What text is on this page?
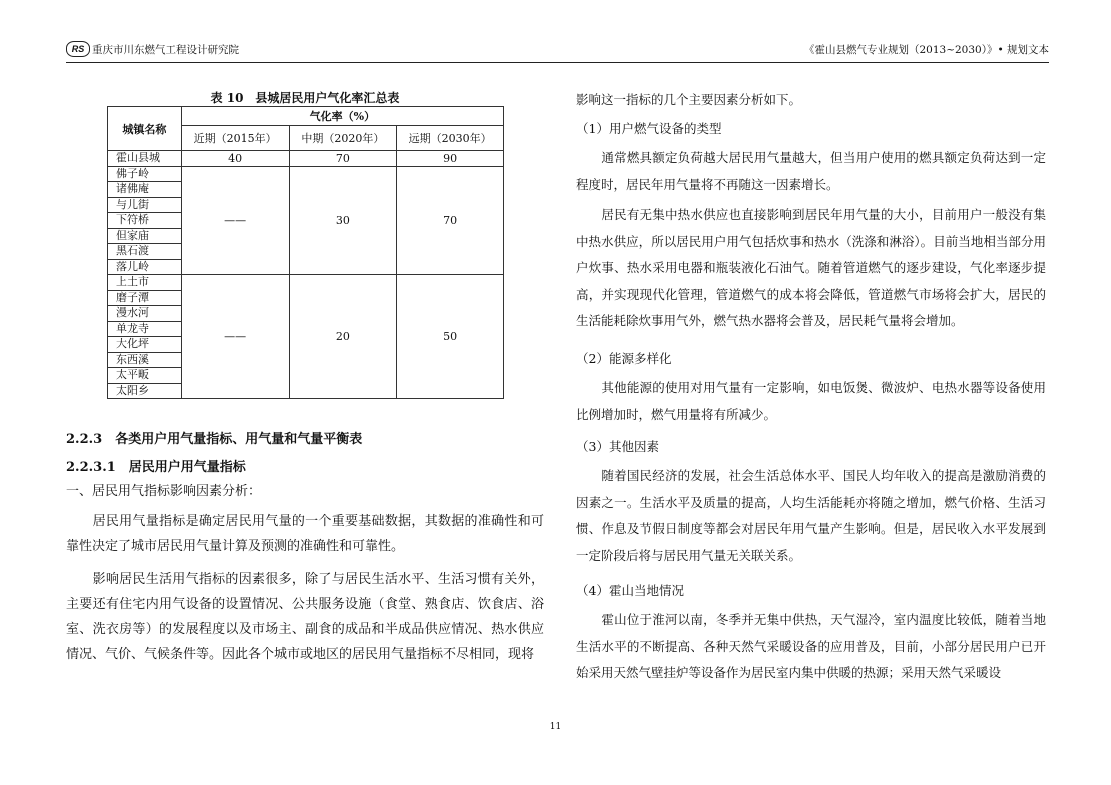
RS 重庆市川东燃气工程设计研究院	《霍山县燃气专业规划（2013~2030）》• 规划文本
表 10　县城居民用户气化率汇总表
城镇名称	气化率（%）		
	近期（2015年）	中期（2020年）	远期（2030年）
霍山县城	40	70	90
佛子岭	——	30	70
诸佛庵			
与儿街			
下符桥			
但家庙			
黑石渡			
落儿岭			
上土市	——	20	50
磨子潭			
漫水河			
单龙寺			
大化坪			
东西溪			
太平畈			
太阳乡			
2.2.3　各类用户用气量指标、用气量和气量平衡表
2.2.3.1　居民用户用气量指标
一、居民用气指标影响因素分析：
　　居民用气量指标是确定居民用气量的一个重要基础数据，其数据的准确性和可靠性决定了城市居民用气量计算及预测的准确性和可靠性。
　　影响居民生活用气指标的因素很多，除了与居民生活水平、生活习惯有关外，主要还有住宅内用气设备的设置情况、公共服务设施（食堂、熟食店、饮食店、浴室、洗衣房等）的发展程度以及市场主、副食的成品和半成品供应情况、热水供应情况、气价、气候条件等。因此各个城市或地区的居民用气量指标不尽相同，现将
影响这一指标的几个主要因素分析如下。
（1）用户燃气设备的类型
　　通常燃具额定负荷越大居民用气量越大，但当用户使用的燃具额定负荷达到一定程度时，居民年用气量将不再随这一因素增长。
　　居民有无集中热水供应也直接影响到居民年用气量的大小，目前用户一般没有集中热水供应，所以居民用户用气包括炊事和热水（洗涤和淋浴）。目前当地相当部分用户炊事、热水采用电器和瓶装液化石油气。随着管道燃气的逐步建设，气化率逐步提高，并实现现代化管理，管道燃气的成本将会降低，管道燃气市场将会扩大，居民的生活能耗除炊事用气外，燃气热水器将会普及，居民耗气量将会增加。
（2）能源多样化
　　其他能源的使用对用气量有一定影响，如电饭煲、微波炉、电热水器等设备使用比例增加时，燃气用量将有所减少。
（3）其他因素
　　随着国民经济的发展，社会生活总体水平、国民人均年收入的提高是激励消费的因素之一。生活水平及质量的提高，人均生活能耗亦将随之增加，燃气价格、生活习惯、作息及节假日制度等都会对居民年用气量产生影响。但是，居民收入水平发展到一定阶段后将与居民用气量无关联关系。
（4）霍山当地情况
　　霍山位于淮河以南，冬季并无集中供热，天气湿冷，室内温度比较低，随着当地生活水平的不断提高、各种天然气采暖设备的应用普及，目前，小部分居民用户已开始采用天然气壁挂炉等设备作为居民室内集中供暖的热源；采用天然气采暖设
11
